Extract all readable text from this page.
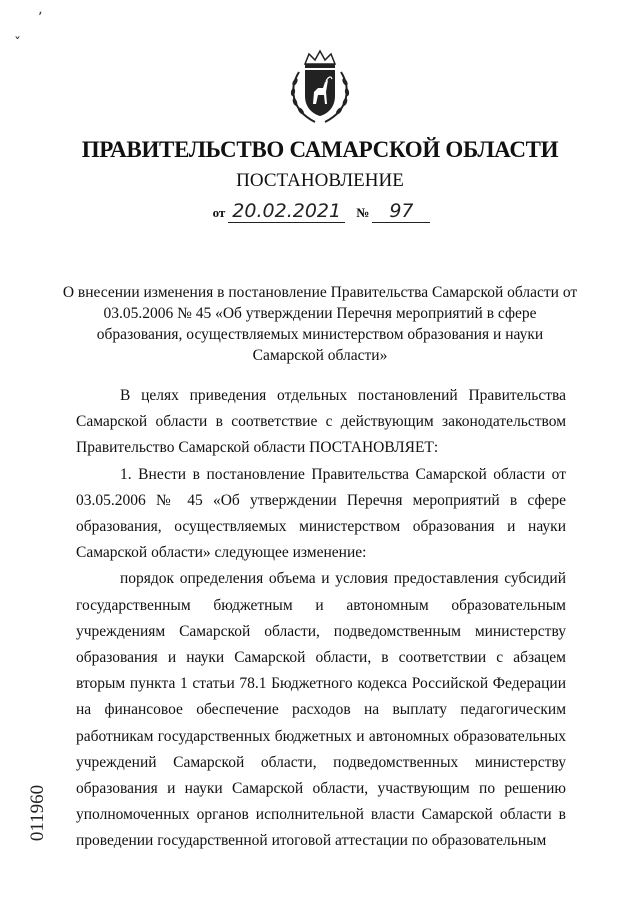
ʼ
ˇ
ПРАВИТЕЛЬСТВО САМАРСКОЙ ОБЛАСТИ
ПОСТАНОВЛЕНИЕ
от 20.02.2021 № 97
О внесении изменения в постановление Правительства Самарской области от 03.05.2006 № 45 «Об утверждении Перечня мероприятий в сфере образования, осуществляемых министерством образования и науки Самарской области»

В целях приведения отдельных постановлений Правительства Самарской области в соответствие с действующим законодательством Правительство Самарской области ПОСТАНОВЛЯЕТ:

1. Внести в постановление Правительства Самарской области от 03.05.2006 № 45 «Об утверждении Перечня мероприятий в сфере образования, осуществляемых министерством образования и науки Самарской области» следующее изменение:

порядок определения объема и условия предоставления субсидий государственным бюджетным и автономным образовательным учреждениям Самарской области, подведомственным министерству образования и науки Самарской области, в соответствии с абзацем вторым пункта 1 статьи 78.1 Бюджетного кодекса Российской Федерации на финансовое обеспечение расходов на выплату педагогическим работникам государственных бюджетных и автономных образовательных учреждений Самарской области, подведомственных министерству образования и науки Самарской области, участвующим по решению уполномоченных органов исполнительной власти Самарской области в проведении государственной итоговой аттестации по образовательным

011960
